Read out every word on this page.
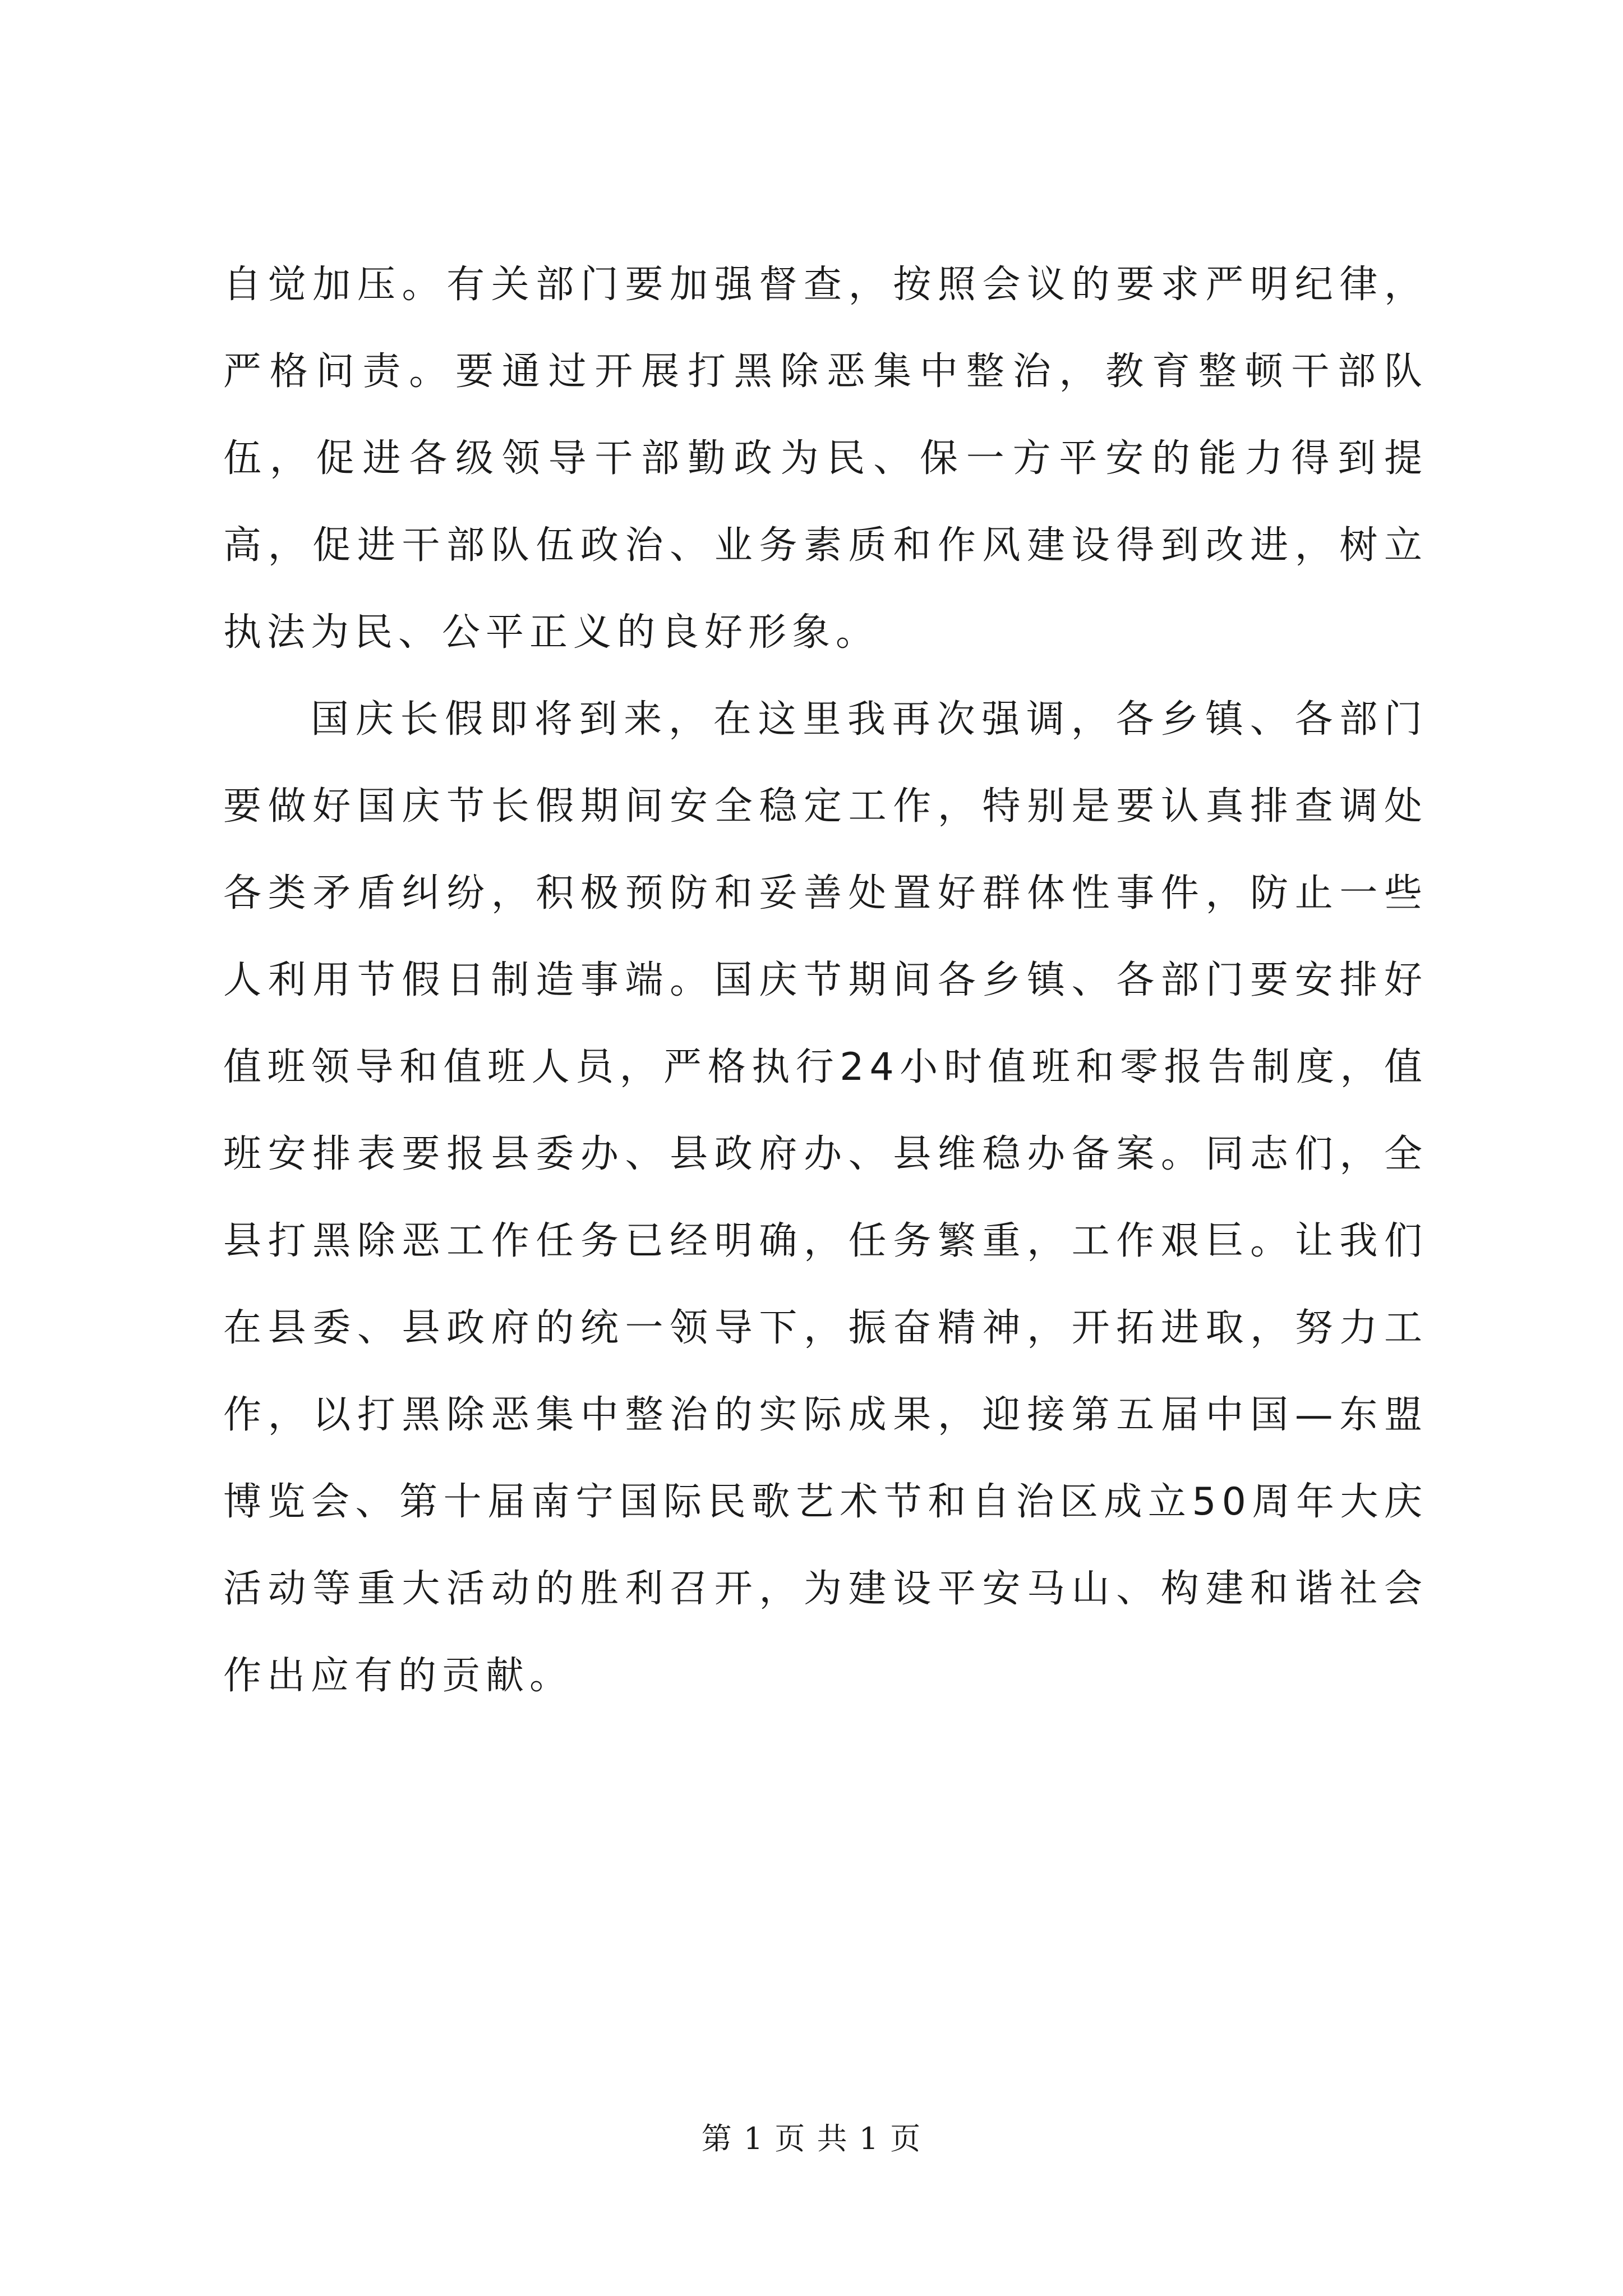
自觉加压。有关部门要加强督查，按照会议的要求严明纪律，严格问责。要通过开展打黑除恶集中整治，教育整顿干部队伍，促进各级领导干部勤政为民、保一方平安的能力得到提高，促进干部队伍政治、业务素质和作风建设得到改进，树立执法为民、公平正义的良好形象。

国庆长假即将到来，在这里我再次强调，各乡镇、各部门要做好国庆节长假期间安全稳定工作，特别是要认真排查调处各类矛盾纠纷，积极预防和妥善处置好群体性事件，防止一些人利用节假日制造事端。国庆节期间各乡镇、各部门要安排好值班领导和值班人员，严格执行24小时值班和零报告制度，值班安排表要报县委办、县政府办、县维稳办备案。同志们，全县打黑除恶工作任务已经明确，任务繁重，工作艰巨。让我们在县委、县政府的统一领导下，振奋精神，开拓进取，努力工作，以打黑除恶集中整治的实际成果，迎接第五届中国—东盟博览会、第十届南宁国际民歌艺术节和自治区成立50周年大庆活动等重大活动的胜利召开，为建设平安马山、构建和谐社会作出应有的贡献。

第 1 页 共 1 页
